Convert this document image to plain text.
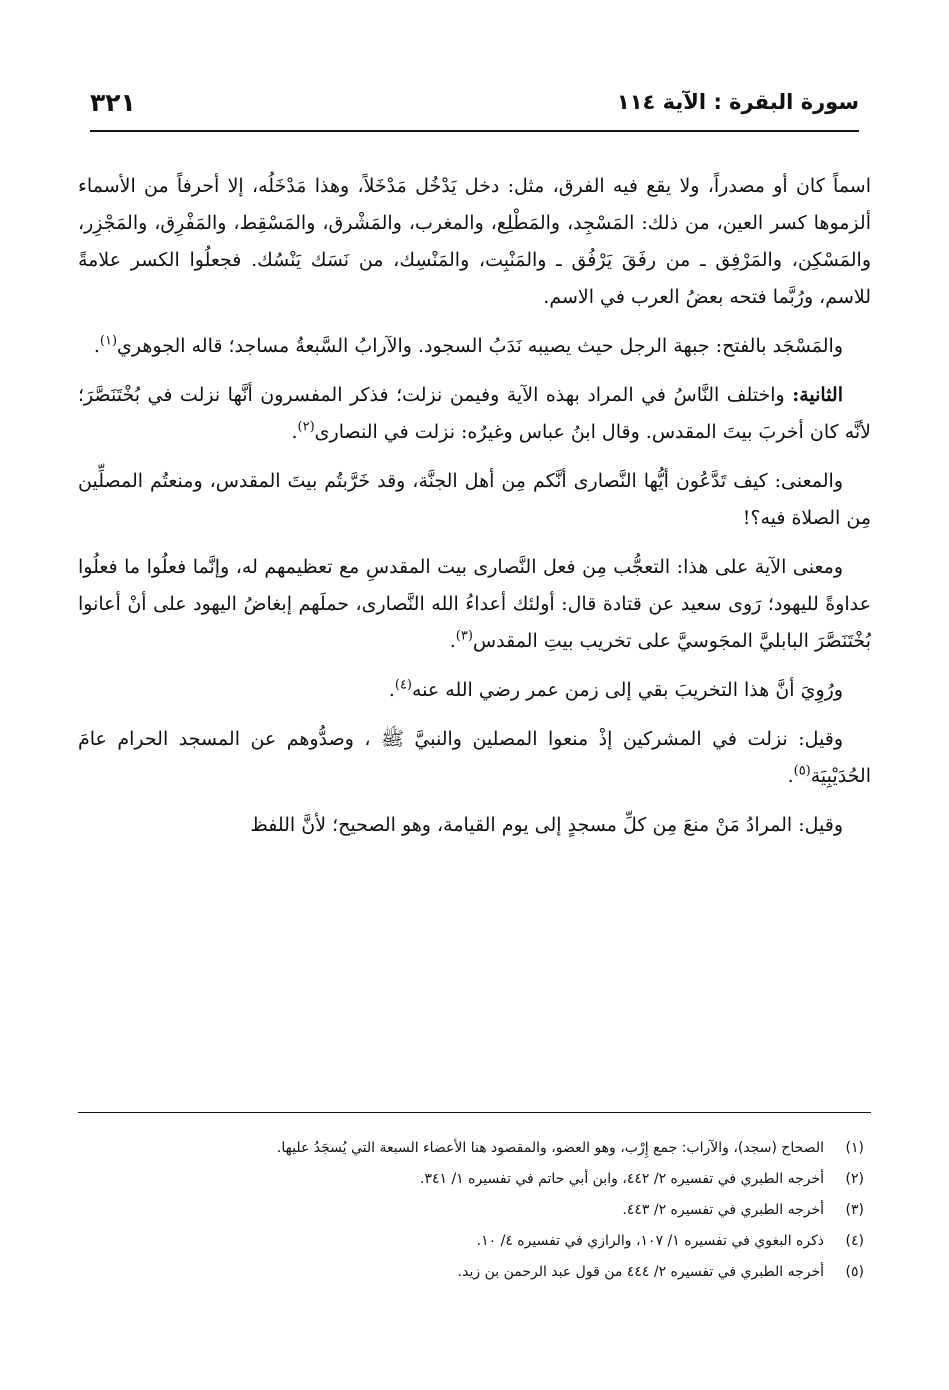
سورة البقرة : الآية ١١٤
٣٢١

اسماً كان أو مصدراً، ولا يقع فيه الفرق، مثل: دخل يَدْخُل مَدْخَلاً، وهذا مَدْخَلُه، إلا أحرفاً من الأسماء ألزموها كسر العين، من ذلك: المَسْجِد، والمَطْلِع، والمغرب، والمَشْرق، والمَسْقِط، والمَفْرِق، والمَجْزِر، والمَسْكِن، والمَرْفِق ـ من رفَقَ يَرْفُق ـ والمَنْبِت، والمَنْسِك، من نَسَك يَنْسُك. فجعلُوا الكسر علامةً للاسم، ورُبَّما فتحه بعضُ العرب في الاسم.

والمَسْجَد بالفتح: جبهة الرجل حيث يصيبه نَدَبُ السجود. والآرابُ السَّبعةُ مساجد؛ قاله الجوهري$^{(١)}$.

الثانية: واختلف النَّاسُ في المراد بهذه الآية وفيمن نزلت؛ فذكر المفسرون أنَّها نزلت في بُخْتَنَصَّرَ؛ لأنَّه كان أخربَ بيتَ المقدس. وقال ابنُ عباس وغيرُه: نزلت في النصارى$^{(٢)}$.

والمعنى: كيف تَدَّعُون أيُّها النَّصارى أنَّكم مِن أهل الجنَّة، وقد خَرَّبتُم بيتَ المقدس، ومنعتُم المصلِّين مِن الصلاة فيه؟!

ومعنى الآية على هذا: التعجُّب مِن فعل النَّصارى بيت المقدسِ مع تعظيمهم له، وإنَّما فعلُوا ما فعلُوا عداوةً لليهود؛ رَوى سعيد عن قتادة قال: أولئك أعداءُ الله النَّصارى، حملَهم إبغاضُ اليهود على أنْ أعانوا بُخْتَنَصَّرَ البابليَّ المجَوسيَّ على تخريب بيتِ المقدس$^{(٣)}$.

ورُوِيَ أنَّ هذا التخريبَ بقي إلى زمن عمر رضي الله عنه$^{(٤)}$.

وقيل: نزلت في المشركين إذْ منعوا المصلين والنبيَّ ﷺ ، وصدُّوهم عن المسجد الحرام عامَ الحُدَيْبِيَة$^{(٥)}$.

وقيل: المرادُ مَنْ منعَ مِن كلِّ مسجدٍ إلى يوم القيامة، وهو الصحيح؛ لأنَّ اللفظ

(١)الصحاح (سجد)، والآراب: جمع إِرْب، وهو العضو، والمقصود هنا الأعضاء السبعة التي يُسجَدُ عليها.
(٢)أخرجه الطبري في تفسيره ٢/ ٤٤٢، وابن أبي حاتم في تفسيره ١/ ٣٤١.
(٣)أخرجه الطبري في تفسيره ٢/ ٤٤٣.
(٤)ذكره البغوي في تفسيره ١/ ١٠٧، والرازي في تفسيره ٤/ ١٠.
(٥)أخرجه الطبري في تفسيره ٢/ ٤٤٤ من قول عبد الرحمن بن زيد.
